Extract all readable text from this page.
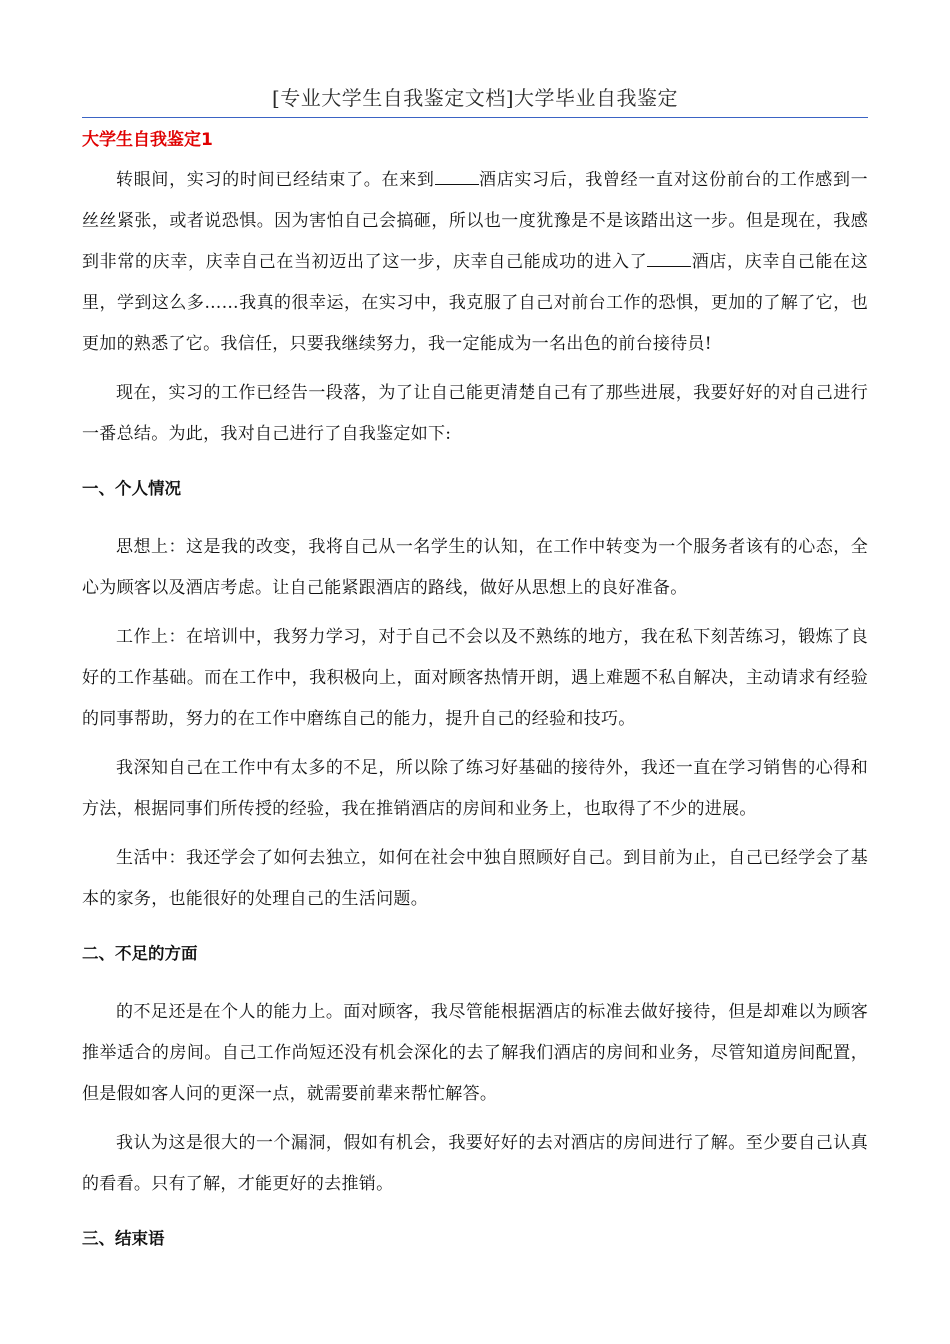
[专业大学生自我鉴定文档]大学毕业自我鉴定
大学生自我鉴定1

转眼间，实习的时间已经结束了。在来到	酒店实习后，我曾经一直对这份前台的工作感到一丝丝紧张，或者说恐惧。因为害怕自己会搞砸，所以也一度犹豫是不是该踏出这一步。但是现在，我感到非常的庆幸，庆幸自己在当初迈出了这一步，庆幸自己能成功的进入了	酒店，庆幸自己能在这里，学到这么多……我真的很幸运，在实习中，我克服了自己对前台工作的恐惧，更加的了解了它，也更加的熟悉了它。我信任，只要我继续努力，我一定能成为一名出色的前台接待员!

现在，实习的工作已经告一段落，为了让自己能更清楚自己有了那些进展，我要好好的对自己进行一番总结。为此，我对自己进行了自我鉴定如下:

一、个人情况

思想上：这是我的改变，我将自己从一名学生的认知，在工作中转变为一个服务者该有的心态，全心为顾客以及酒店考虑。让自己能紧跟酒店的路线，做好从思想上的良好准备。

工作上：在培训中，我努力学习，对于自己不会以及不熟练的地方，我在私下刻苦练习，锻炼了良好的工作基础。而在工作中，我积极向上，面对顾客热情开朗，遇上难题不私自解决，主动请求有经验的同事帮助，努力的在工作中磨练自己的能力，提升自己的经验和技巧。

我深知自己在工作中有太多的不足，所以除了练习好基础的接待外，我还一直在学习销售的心得和方法，根据同事们所传授的经验，我在推销酒店的房间和业务上，也取得了不少的进展。

生活中：我还学会了如何去独立，如何在社会中独自照顾好自己。到目前为止，自己已经学会了基本的家务，也能很好的处理自己的生活问题。

二、不足的方面

的不足还是在个人的能力上。面对顾客，我尽管能根据酒店的标准去做好接待，但是却难以为顾客推举适合的房间。自己工作尚短还没有机会深化的去了解我们酒店的房间和业务，尽管知道房间配置，但是假如客人问的更深一点，就需要前辈来帮忙解答。

我认为这是很大的一个漏洞，假如有机会，我要好好的去对酒店的房间进行了解。至少要自己认真的看看。只有了解，才能更好的去推销。

三、结束语
